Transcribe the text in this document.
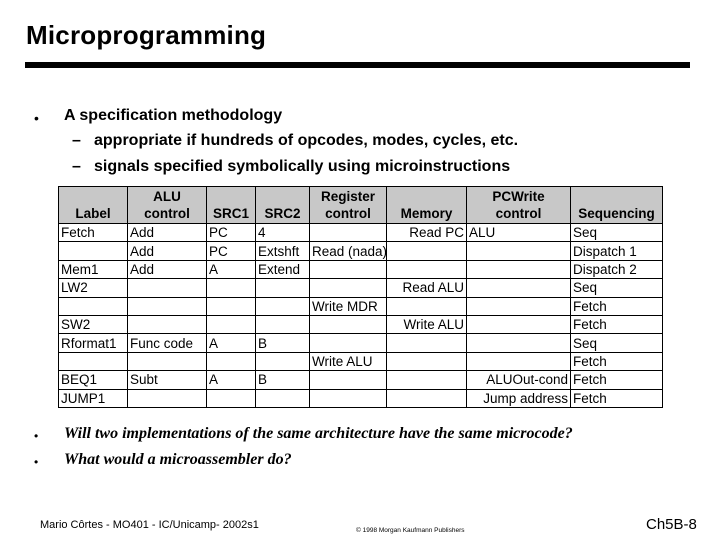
Microprogramming
• A specification methodology
– appropriate if hundreds of opcodes, modes, cycles, etc.
– signals specified symbolically using microinstructions
Label	ALU control	SRC1	SRC2	Register control	Memory	PCWrite control	Sequencing
Fetch	Add	PC	4		Read PC	ALU	Seq
	Add	PC	Extshft	Read (nada)			Dispatch 1
Mem1	Add	A	Extend				Dispatch 2
LW2					Read ALU		Seq
				Write MDR			Fetch
SW2					Write ALU		Fetch
Rformat1	Func code	A	B				Seq
				Write ALU			Fetch
BEQ1	Subt	A	B			ALUOut-cond	Fetch
JUMP1						Jump address	Fetch
• Will two implementations of the same architecture have the same microcode?
• What would a microassembler do?
Mario Côrtes - MO401 - IC/Unicamp- 2002s1	© 1998 Morgan Kaufmann Publishers	Ch5B-8
